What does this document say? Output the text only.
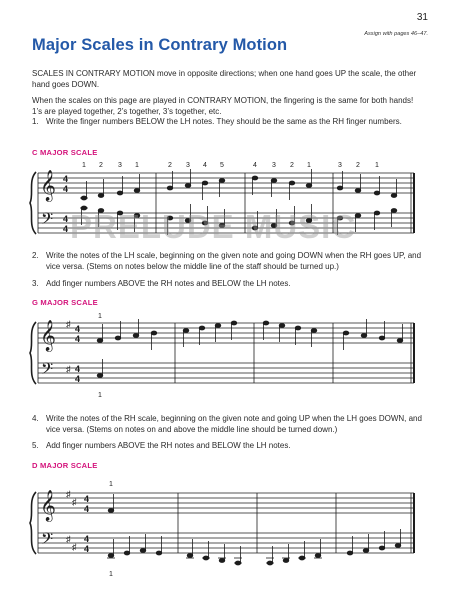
31
Assign with pages 46–47.
Major Scales in Contrary Motion

SCALES IN CONTRARY MOTION move in opposite directions; when one hand goes UP the scale, the other hand goes DOWN.

When the scales on this page are played in CONTRARY MOTION, the fingering is the same for both hands! 1’s are played together, 2’s together, 3’s together, etc.

1. Write the finger numbers BELOW the LH notes. They should be the same as the RH finger numbers.
C MAJOR SCALE
𝄞
𝄢
4
4
4
4
1 2 3 1	2 3 4 5	4 3 2 1	3 2 1
PRELUDE MUSIC
2. Write the notes of the LH scale, beginning on the given note and going DOWN when the RH goes UP, and vice versa. (Stems on notes below the middle line of the staff should be turned up.)
3. Add finger numbers ABOVE the RH notes and BELOW the LH notes.
G MAJOR SCALE
𝄞
𝄢
♯
♯
4
4
4
4
1
1
4. Write the notes of the RH scale, beginning on the given note and going UP when the LH goes DOWN, and vice versa. (Stems on notes on and above the middle line should be turned down.)
5. Add finger numbers ABOVE the RH notes and BELOW the LH notes.
D MAJOR SCALE
𝄞
𝄢
♯
♯
♯
♯
4
4
4
4
1
1
